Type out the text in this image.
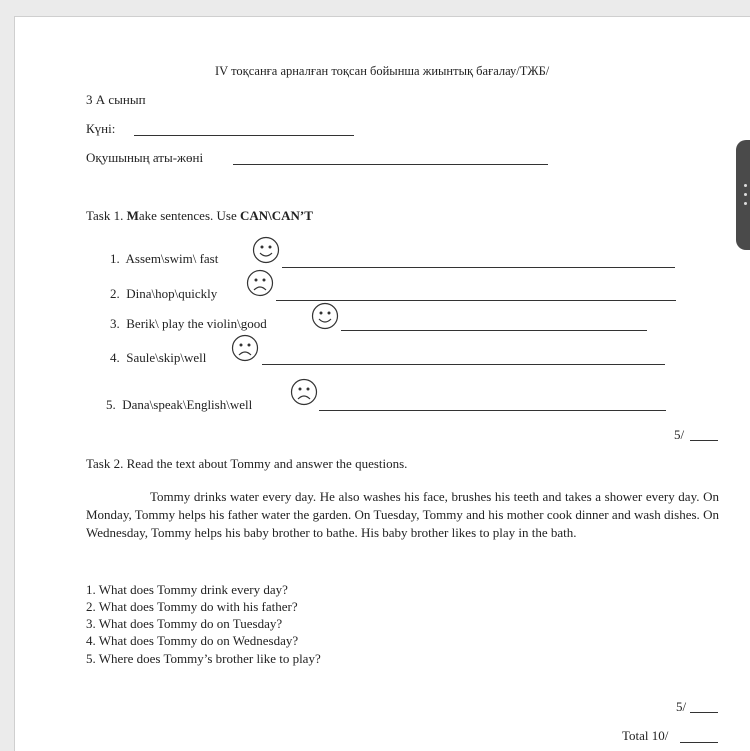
IV тоқсанға арналған тоқсан бойынша жиынтық бағалау/ТЖБ/
3 А сынып
Күні:
Оқушының аты-жөні
Task 1. Make sentences. Use CAN\CAN’T
1. Assem\swim\ fast
2. Dina\hop\quickly
3. Berik\ play the violin\good
4. Saule\skip\well
5. Dana\speak\English\well
5/
Task 2. Read the text about Tommy and answer the questions.
Tommy drinks water every day. He also washes his face, brushes his teeth and takes a shower every day. On Monday, Tommy helps his father water the garden. On Tuesday, Tommy and his mother cook dinner and wash dishes. On Wednesday, Tommy helps his baby brother to bathe. His baby brother likes to play in the bath.
1. What does Tommy drink every day?
2. What does Tommy do with his father?
3. What does Tommy do on Tuesday?
4. What does Tommy do on Wednesday?
5. Where does Tommy’s brother like to play?
5/
Total 10/
